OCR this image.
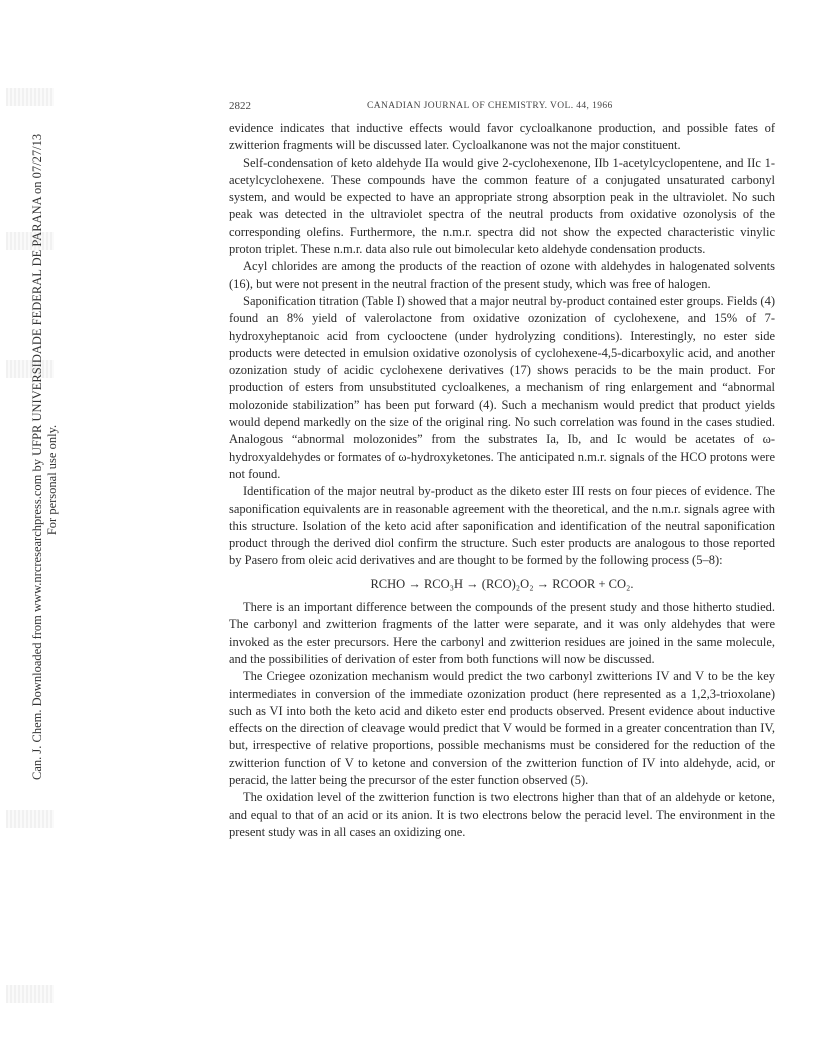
Can. J. Chem. Downloaded from www.nrcresearchpress.com by UFPR UNIVERSIDADE FEDERAL DE PARANA on 07/27/13 For personal use only.
2822	CANADIAN JOURNAL OF CHEMISTRY. VOL. 44, 1966

evidence indicates that inductive effects would favor cycloalkanone production, and possible fates of zwitterion fragments will be discussed later. Cycloalkanone was not the major constituent.

Self-condensation of keto aldehyde IIa would give 2-cyclohexenone, IIb 1-acetylcyclopentene, and IIc 1-acetylcyclohexene. These compounds have the common feature of a conjugated unsaturated carbonyl system, and would be expected to have an appropriate strong absorption peak in the ultraviolet. No such peak was detected in the ultraviolet spectra of the neutral products from oxidative ozonolysis of the corresponding olefins. Furthermore, the n.m.r. spectra did not show the expected characteristic vinylic proton triplet. These n.m.r. data also rule out bimolecular keto aldehyde condensation products.

Acyl chlorides are among the products of the reaction of ozone with aldehydes in halogenated solvents (16), but were not present in the neutral fraction of the present study, which was free of halogen.

Saponification titration (Table I) showed that a major neutral by-product contained ester groups. Fields (4) found an 8% yield of valerolactone from oxidative ozonization of cyclohexene, and 15% of 7-hydroxyheptanoic acid from cyclooctene (under hydrolyzing conditions). Interestingly, no ester side products were detected in emulsion oxidative ozonolysis of cyclohexene-4,5-dicarboxylic acid, and another ozonization study of acidic cyclohexene derivatives (17) shows peracids to be the main product. For production of esters from unsubstituted cycloalkenes, a mechanism of ring enlargement and “abnormal molozonide stabilization” has been put forward (4). Such a mechanism would predict that product yields would depend markedly on the size of the original ring. No such correlation was found in the cases studied. Analogous “abnormal molozonides” from the substrates Ia, Ib, and Ic would be acetates of ω-hydroxyaldehydes or formates of ω-hydroxyketones. The anticipated n.m.r. signals of the HCO protons were not found.

Identification of the major neutral by-product as the diketo ester III rests on four pieces of evidence. The saponification equivalents are in reasonable agreement with the theoretical, and the n.m.r. signals agree with this structure. Isolation of the keto acid after saponification and identification of the neutral saponification product through the derived diol confirm the structure. Such ester products are analogous to those reported by Pasero from oleic acid derivatives and are thought to be formed by the following process (5–8):

RCHO → RCO₃H → (RCO)₂O₂ → RCOOR + CO₂.

There is an important difference between the compounds of the present study and those hitherto studied. The carbonyl and zwitterion fragments of the latter were separate, and it was only aldehydes that were invoked as the ester precursors. Here the carbonyl and zwitterion residues are joined in the same molecule, and the possibilities of derivation of ester from both functions will now be discussed.

The Criegee ozonization mechanism would predict the two carbonyl zwitterions IV and V to be the key intermediates in conversion of the immediate ozonization product (here represented as a 1,2,3-trioxolane) such as VI into both the keto acid and diketo ester end products observed. Present evidence about inductive effects on the direction of cleavage would predict that V would be formed in a greater concentration than IV, but, irrespective of relative proportions, possible mechanisms must be considered for the reduction of the zwitterion function of V to ketone and conversion of the zwitterion function of IV into aldehyde, acid, or peracid, the latter being the precursor of the ester function observed (5).

The oxidation level of the zwitterion function is two electrons higher than that of an aldehyde or ketone, and equal to that of an acid or its anion. It is two electrons below the peracid level. The environment in the present study was in all cases an oxidizing one.
